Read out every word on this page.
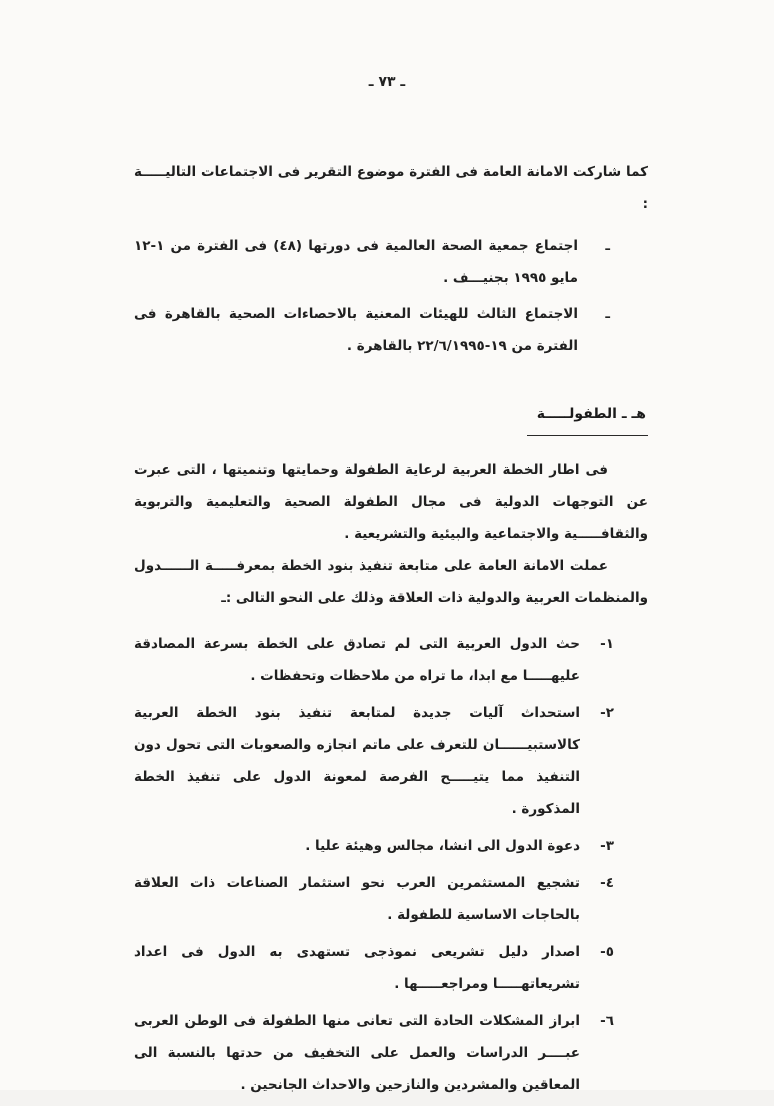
ـ ٧٣ ـ

كما شاركت الامانة العامة فى الفترة موضوع التقرير فى الاجتماعات التاليـــــة :

ـ
اجتماع جمعية الصحة العالمية فى دورتها (٤٨) فى الفترة من ١-١٢ مايو ١٩٩٥ بجنيـــف .
ـ
الاجتماع الثالث للهيئات المعنية بالاحصاءات الصحية بالقاهرة فى الفترة من ١٩-٢٢/٦/١٩٩٥ بالقاهرة .
هـ ـ الطفولـــــة

فى اطار الخطة العربية لرعاية الطفولة وحمايتها وتنميتها ، التى عبرت عن التوجهات الدولية فى مجال الطفولة الصحية والتعليمية والتربوية والثقافـــــية والاجتماعية والبيئية والتشريعية .

عملت الامانة العامة على متابعة تنفيذ بنود الخطة بمعرفـــــة الــــــدول والمنظمات العربية والدولية ذات العلاقة وذلك على النحو التالى :ـ

١-
حث الدول العربية التى لم تصادق على الخطة بسرعة المصادقة عليهـــــا مع ابدا، ما تراه من ملاحظات وتحفظات .
٢-
استحداث آليات جديدة لمتابعة تنفيذ بنود الخطة العربية كالاستبيــــــان للتعرف على ماتم انجازه والصعوبات التى تحول دون التنفيذ مما يتيـــــح الفرصة لمعونة الدول على تنفيذ الخطة المذكورة .
٣-
دعوة الدول الى انشا، مجالس وهيئة عليا .
٤-
تشجيع المستثمرين العرب نحو استثمار الصناعات ذات العلاقة بالحاجات الاساسية للطفولة .
٥-
اصدار دليل تشريعى نموذجى تستهدى به الدول فى اعداد تشريعاتهـــــا ومراجعـــــها .
٦-
ابراز المشكلات الحادة التى تعانى منها الطفولة فى الوطن العربى عبــــر الدراسات والعمل على التخفيف من حدتها بالنسبة الى المعاقين والمشردين والنازحين والاحداث الجانحين .
